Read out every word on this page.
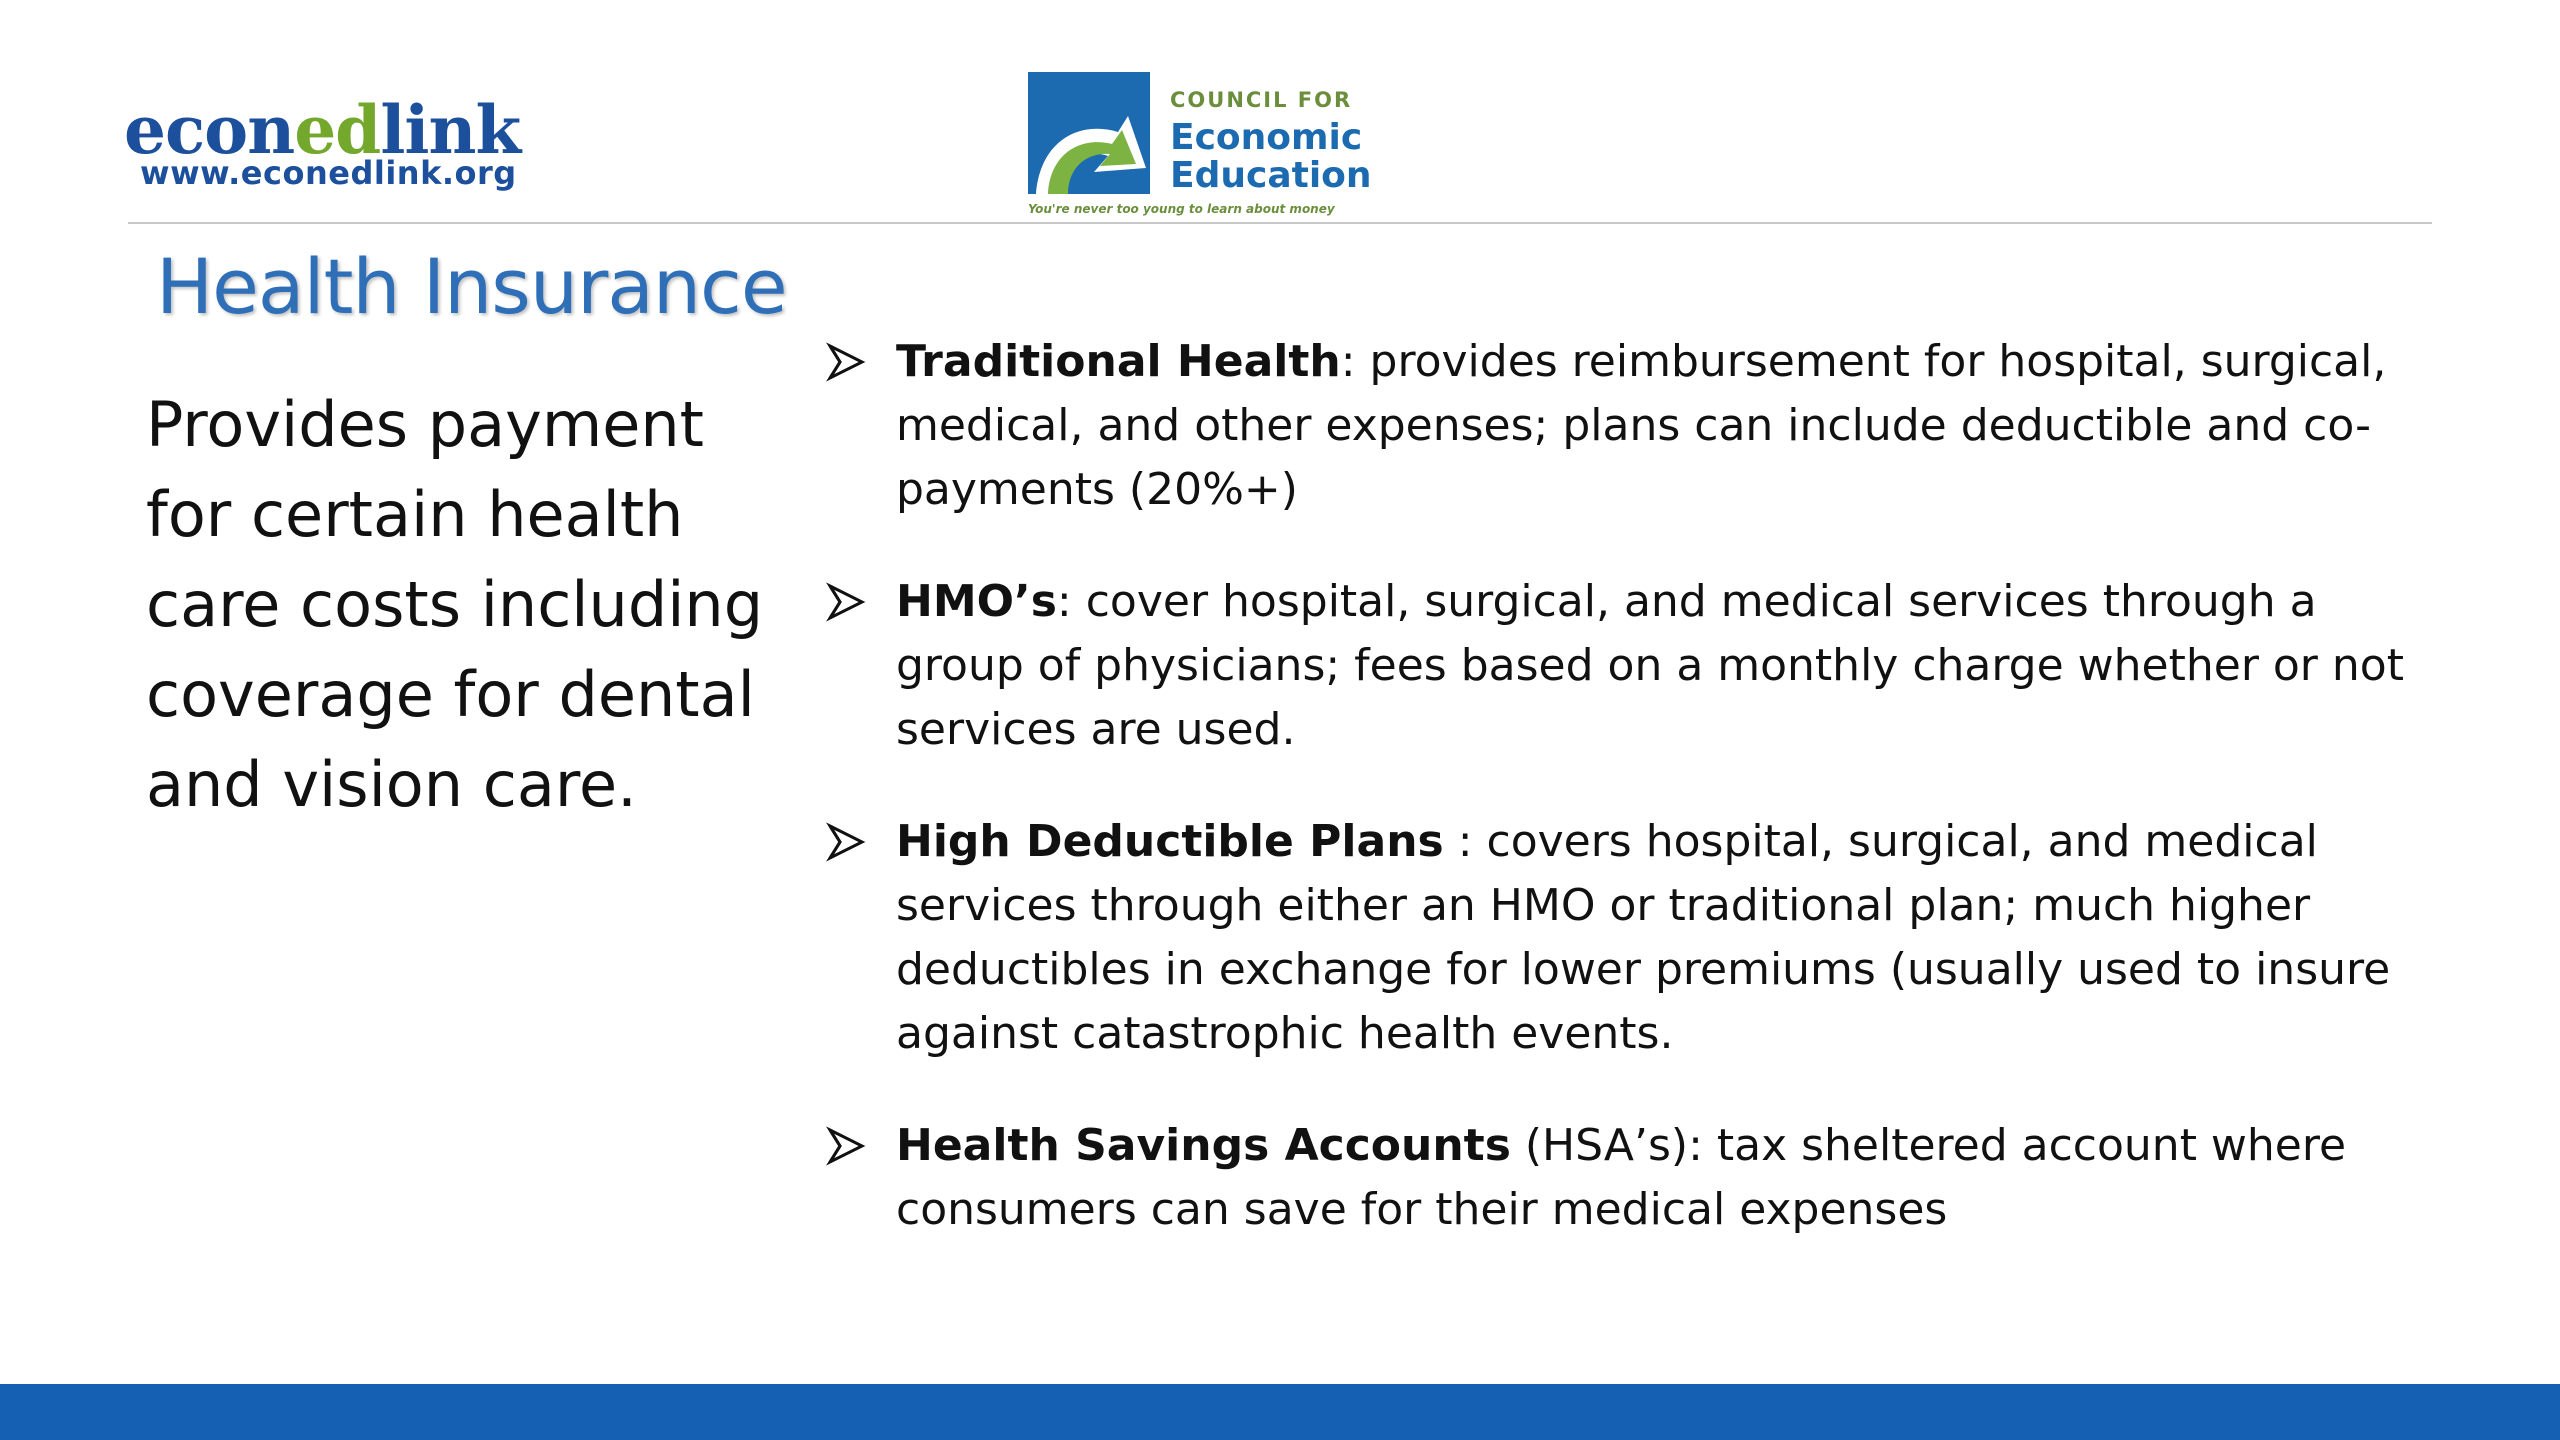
econedlink
www.econedlink.org
COUNCIL FOR
Economic
Education
You're never too young to learn about money
Health Insurance
Provides payment for certain health care costs including coverage for dental and vision care.
Traditional Health: provides reimbursement for hospital, surgical, medical, and other expenses; plans can include deductible and co-payments (20%+)
HMO’s: cover hospital, surgical, and medical services through a group of physicians; fees based on a monthly charge whether or not services are used.
High Deductible Plans : covers hospital, surgical, and medical services through either an HMO or traditional plan; much higher deductibles in exchange for lower premiums (usually used to insure against catastrophic health events.
Health Savings Accounts (HSA’s): tax sheltered account where consumers can save for their medical expenses
